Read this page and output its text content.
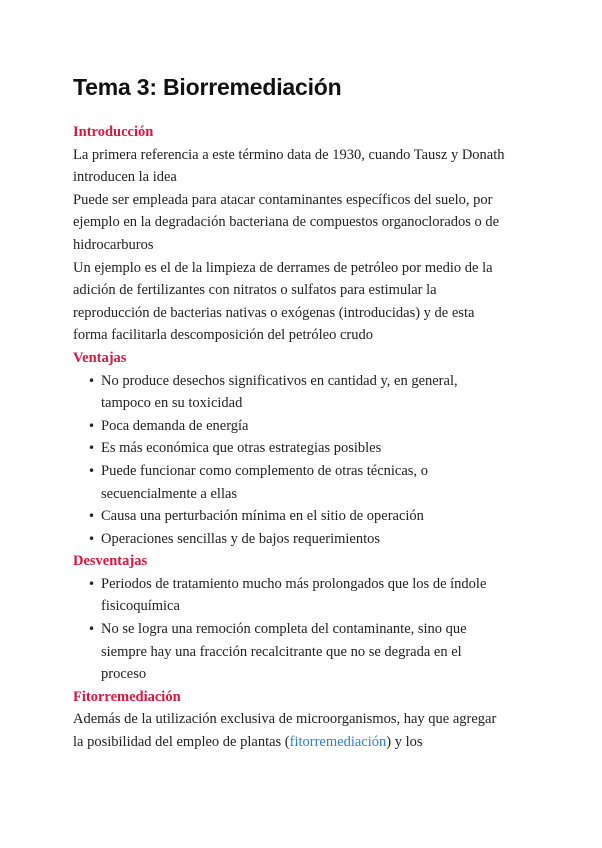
Tema 3: Biorremediación
Introducción
La primera referencia a este término data de 1930, cuando Tausz y Donath
introducen la idea
Puede ser empleada para atacar contaminantes específicos del suelo, por
ejemplo en la degradación bacteriana de compuestos organoclorados o de
hidrocarburos
Un ejemplo es el de la limpieza de derrames de petróleo por medio de la
adición de fertilizantes con nitratos o sulfatos para estimular la
reproducción de bacterias nativas o exógenas (introducidas) y de esta
forma facilitarla descomposición del petróleo crudo
Ventajas
• No produce desechos significativos en cantidad y, en general,
tampoco en su toxicidad
• Poca demanda de energía
• Es más económica que otras estrategias posibles
• Puede funcionar como complemento de otras técnicas, o
secuencialmente a ellas
• Causa una perturbación mínima en el sitio de operación
• Operaciones sencillas y de bajos requerimientos
Desventajas
• Periodos de tratamiento mucho más prolongados que los de índole
fisicoquímica
• No se logra una remoción completa del contaminante, sino que
siempre hay una fracción recalcitrante que no se degrada en el
proceso
Fitorremediación
Además de la utilización exclusiva de microorganismos, hay que agregar
la posibilidad del empleo de plantas (fitorremediación) y los
